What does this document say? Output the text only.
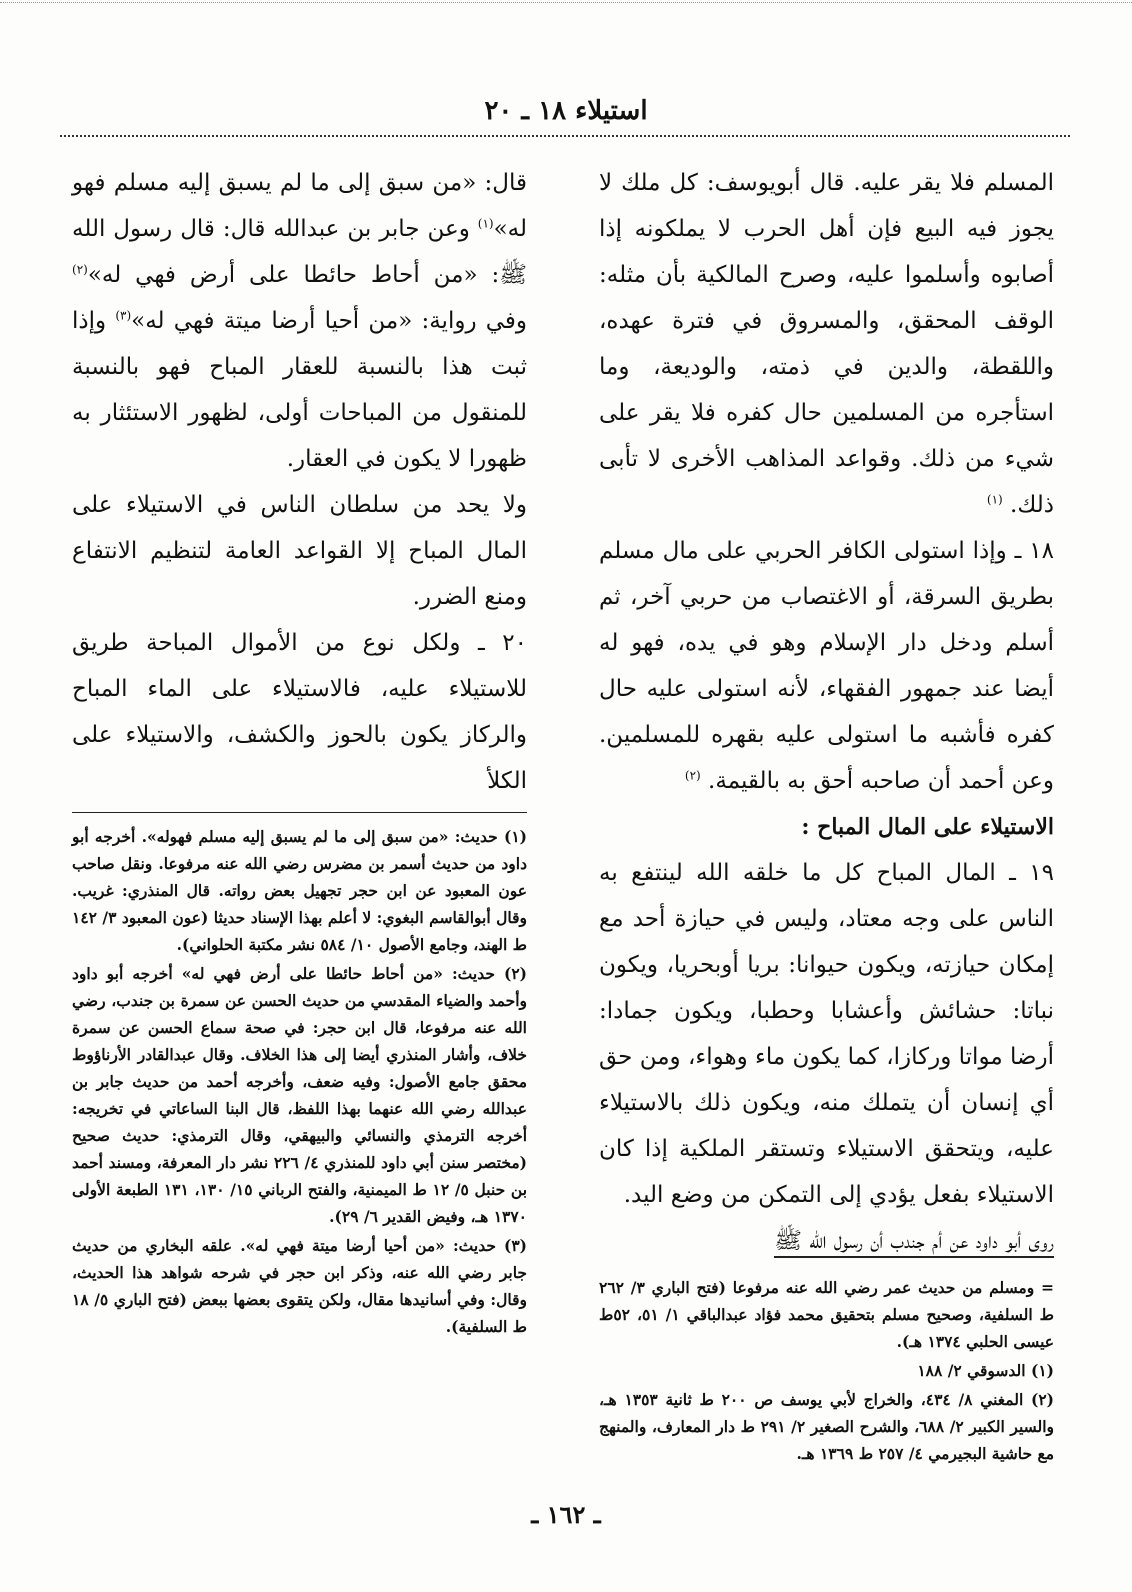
استيلاء ١٨ ـ ٢٠

المسلم فلا يقر عليه. قال أبويوسف: كل ملك لا يجوز فيه البيع فإن أهل الحرب لا يملكونه إذا أصابوه وأسلموا عليه، وصرح المالكية بأن مثله: الوقف المحقق، والمسروق في فترة عهده، واللقطة، والدين في ذمته، والوديعة، وما استأجره من المسلمين حال كفره فلا يقر على شيء من ذلك. وقواعد المذاهب الأخرى لا تأبى ذلك. $^{(١)}$

١٨ ـ وإذا استولى الكافر الحربي على مال مسلم بطريق السرقة، أو الاغتصاب من حربي آخر، ثم أسلم ودخل دار الإسلام وهو في يده، فهو له أيضا عند جمهور الفقهاء، لأنه استولى عليه حال كفره فأشبه ما استولى عليه بقهره للمسلمين. وعن أحمد أن صاحبه أحق به بالقيمة. $^{(٢)}$

الاستيلاء على المال المباح :

١٩ ـ المال المباح كل ما خلقه الله لينتفع به الناس على وجه معتاد، وليس في حيازة أحد مع إمكان حيازته، ويكون حيوانا: بريا أوبحريا، ويكون نباتا: حشائش وأعشابا وحطبا، ويكون جمادا: أرضا مواتا وركازا، كما يكون ماء وهواء، ومن حق أي إنسان أن يتملك منه، ويكون ذلك بالاستيلاء عليه، ويتحقق الاستيلاء وتستقر الملكية إذا كان الاستيلاء بفعل يؤدي إلى التمكن من وضع اليد.

روى أبو داود عن أم جندب أن رسول الله ﷺ

= ومسلم من حديث عمر رضي الله عنه مرفوعا (فتح الباري ٣/ ٢٦٢ ط السلفية، وصحيح مسلم بتحقيق محمد فؤاد عبدالباقي ١/ ٥١، ٥٢ط عيسى الحلبي ١٣٧٤ هـ).

(١) الدسوقي ٢/ ١٨٨

(٢) المغني ٨/ ٤٣٤، والخراج لأبي يوسف ص ٢٠٠ ط ثانية ١٣٥٣ هـ، والسير الكبير ٢/ ٦٨٨، والشرح الصغير ٢/ ٢٩١ ط دار المعارف، والمنهج مع حاشية البجيرمي ٤/ ٢٥٧ ط ١٣٦٩ هـ.

قال: «من سبق إلى ما لم يسبق إليه مسلم فهو له»$^{(١)}$ وعن جابر بن عبدالله قال: قال رسول الله ﷺ: «من أحاط حائطا على أرض فهي له»$^{(٢)}$ وفي رواية: «من أحيا أرضا ميتة فهي له»$^{(٣)}$ وإذا ثبت هذا بالنسبة للعقار المباح فهو بالنسبة للمنقول من المباحات أولى، لظهور الاستئثار به ظهورا لا يكون في العقار.

ولا يحد من سلطان الناس في الاستيلاء على المال المباح إلا القواعد العامة لتنظيم الانتفاع ومنع الضرر.

٢٠ ـ ولكل نوع من الأموال المباحة طريق للاستيلاء عليه، فالاستيلاء على الماء المباح والركاز يكون بالحوز والكشف، والاستيلاء على الكلأ

(١) حديث: «من سبق إلى ما لم يسبق إليه مسلم فهوله». أخرجه أبو داود من حديث أسمر بن مضرس رضي الله عنه مرفوعا. ونقل صاحب عون المعبود عن ابن حجر تجهيل بعض رواته. قال المنذري: غريب. وقال أبوالقاسم البغوي: لا أعلم بهذا الإسناد حديثا (عون المعبود ٣/ ١٤٢ ط الهند، وجامع الأصول ١٠/ ٥٨٤ نشر مكتبة الحلواني).

(٢) حديث: «من أحاط حائطا على أرض فهي له» أخرجه أبو داود وأحمد والضياء المقدسي من حديث الحسن عن سمرة بن جندب، رضي الله عنه مرفوعا، قال ابن حجر: في صحة سماع الحسن عن سمرة خلاف، وأشار المنذري أيضا إلى هذا الخلاف. وقال عبدالقادر الأرناؤوط محقق جامع الأصول: وفيه ضعف، وأخرجه أحمد من حديث جابر بن عبدالله رضي الله عنهما بهذا اللفظ، قال البنا الساعاتي في تخريجه: أخرجه الترمذي والنسائي والبيهقي، وقال الترمذي: حديث صحيح (مختصر سنن أبي داود للمنذري ٤/ ٢٢٦ نشر دار المعرفة، ومسند أحمد بن حنبل ٥/ ١٢ ط الميمنية، والفتح الرباني ١٥/ ١٣٠، ١٣١ الطبعة الأولى ١٣٧٠ هـ، وفيض القدير ٦/ ٢٩).

(٣) حديث: «من أحيا أرضا ميتة فهي له». علقه البخاري من حديث جابر رضي الله عنه، وذكر ابن حجر في شرحه شواهد هذا الحديث، وقال: وفي أسانيدها مقال، ولكن يتقوى بعضها ببعض (فتح الباري ٥/ ١٨ ط السلفية).

ـ ١٦٢ ـ
